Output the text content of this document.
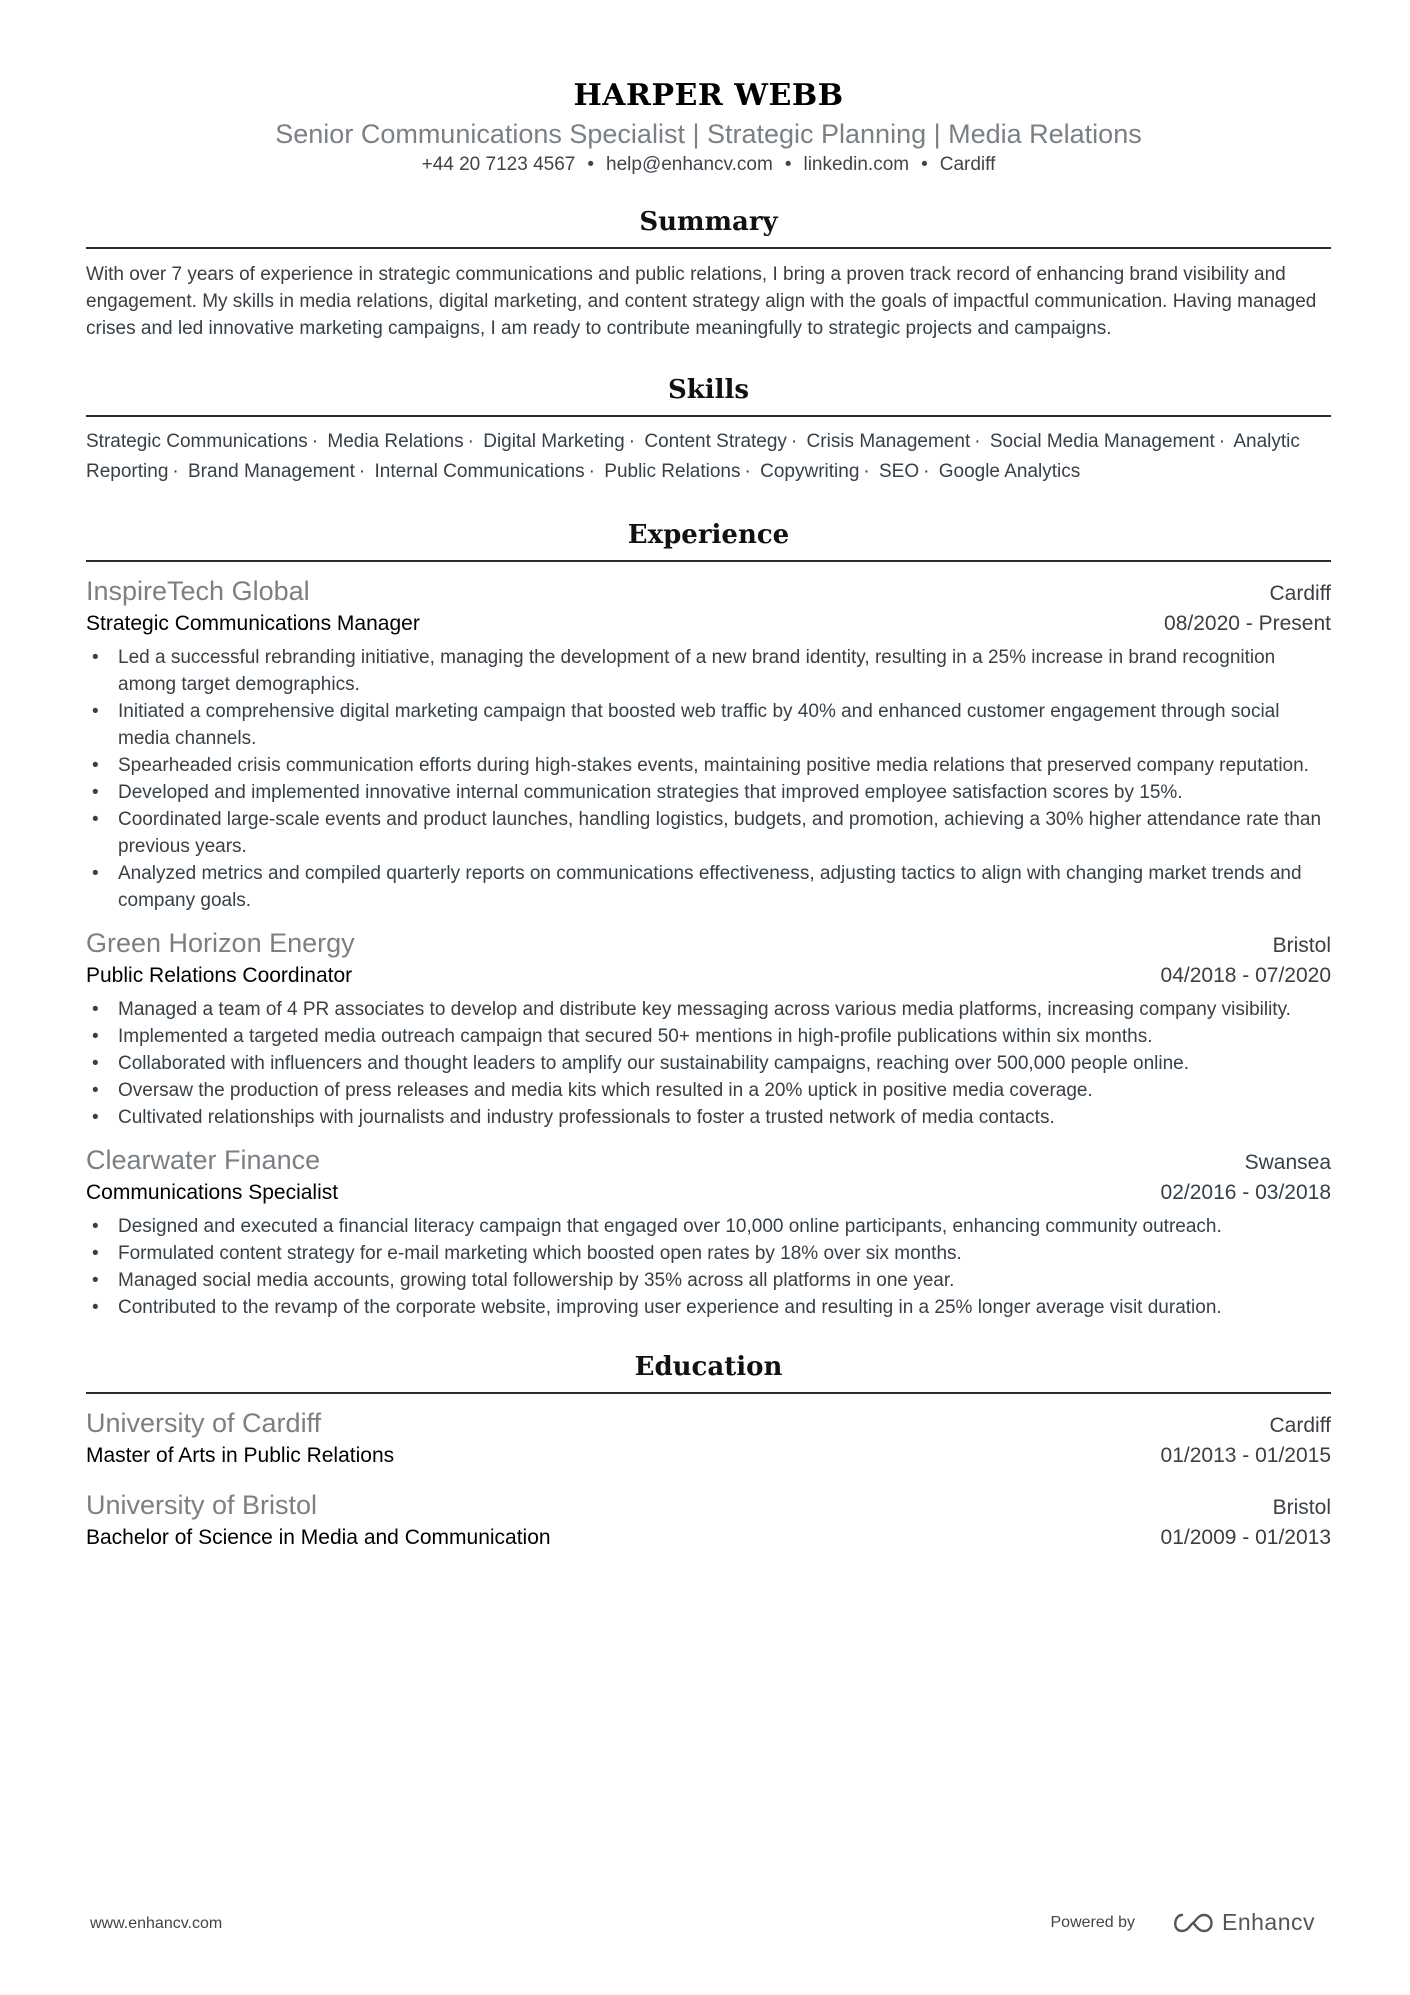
HARPER WEBB
Senior Communications Specialist | Strategic Planning | Media Relations
+44 20 7123 4567 • help@enhancv.com • linkedin.com • Cardiff
Summary
With over 7 years of experience in strategic communications and public relations, I bring a proven track record of enhancing brand visibility and engagement. My skills in media relations, digital marketing, and content strategy align with the goals of impactful communication. Having managed crises and led innovative marketing campaigns, I am ready to contribute meaningfully to strategic projects and campaigns.
Skills
Strategic Communications · Media Relations · Digital Marketing · Content Strategy · Crisis Management · Social Media Management · Analytic Reporting · Brand Management · Internal Communications · Public Relations · Copywriting · SEO · Google Analytics
Experience
InspireTech Global	Cardiff
Strategic Communications Manager	08/2020 - Present
• Led a successful rebranding initiative, managing the development of a new brand identity, resulting in a 25% increase in brand recognition among target demographics.
• Initiated a comprehensive digital marketing campaign that boosted web traffic by 40% and enhanced customer engagement through social media channels.
• Spearheaded crisis communication efforts during high-stakes events, maintaining positive media relations that preserved company reputation.
• Developed and implemented innovative internal communication strategies that improved employee satisfaction scores by 15%.
• Coordinated large-scale events and product launches, handling logistics, budgets, and promotion, achieving a 30% higher attendance rate than previous years.
• Analyzed metrics and compiled quarterly reports on communications effectiveness, adjusting tactics to align with changing market trends and company goals.
Green Horizon Energy	Bristol
Public Relations Coordinator	04/2018 - 07/2020
• Managed a team of 4 PR associates to develop and distribute key messaging across various media platforms, increasing company visibility.
• Implemented a targeted media outreach campaign that secured 50+ mentions in high-profile publications within six months.
• Collaborated with influencers and thought leaders to amplify our sustainability campaigns, reaching over 500,000 people online.
• Oversaw the production of press releases and media kits which resulted in a 20% uptick in positive media coverage.
• Cultivated relationships with journalists and industry professionals to foster a trusted network of media contacts.
Clearwater Finance	Swansea
Communications Specialist	02/2016 - 03/2018
• Designed and executed a financial literacy campaign that engaged over 10,000 online participants, enhancing community outreach.
• Formulated content strategy for e-mail marketing which boosted open rates by 18% over six months.
• Managed social media accounts, growing total followership by 35% across all platforms in one year.
• Contributed to the revamp of the corporate website, improving user experience and resulting in a 25% longer average visit duration.
Education
University of Cardiff	Cardiff
Master of Arts in Public Relations	01/2013 - 01/2015
University of Bristol	Bristol
Bachelor of Science in Media and Communication	01/2009 - 01/2013
www.enhancv.com	Powered by	Enhancv
